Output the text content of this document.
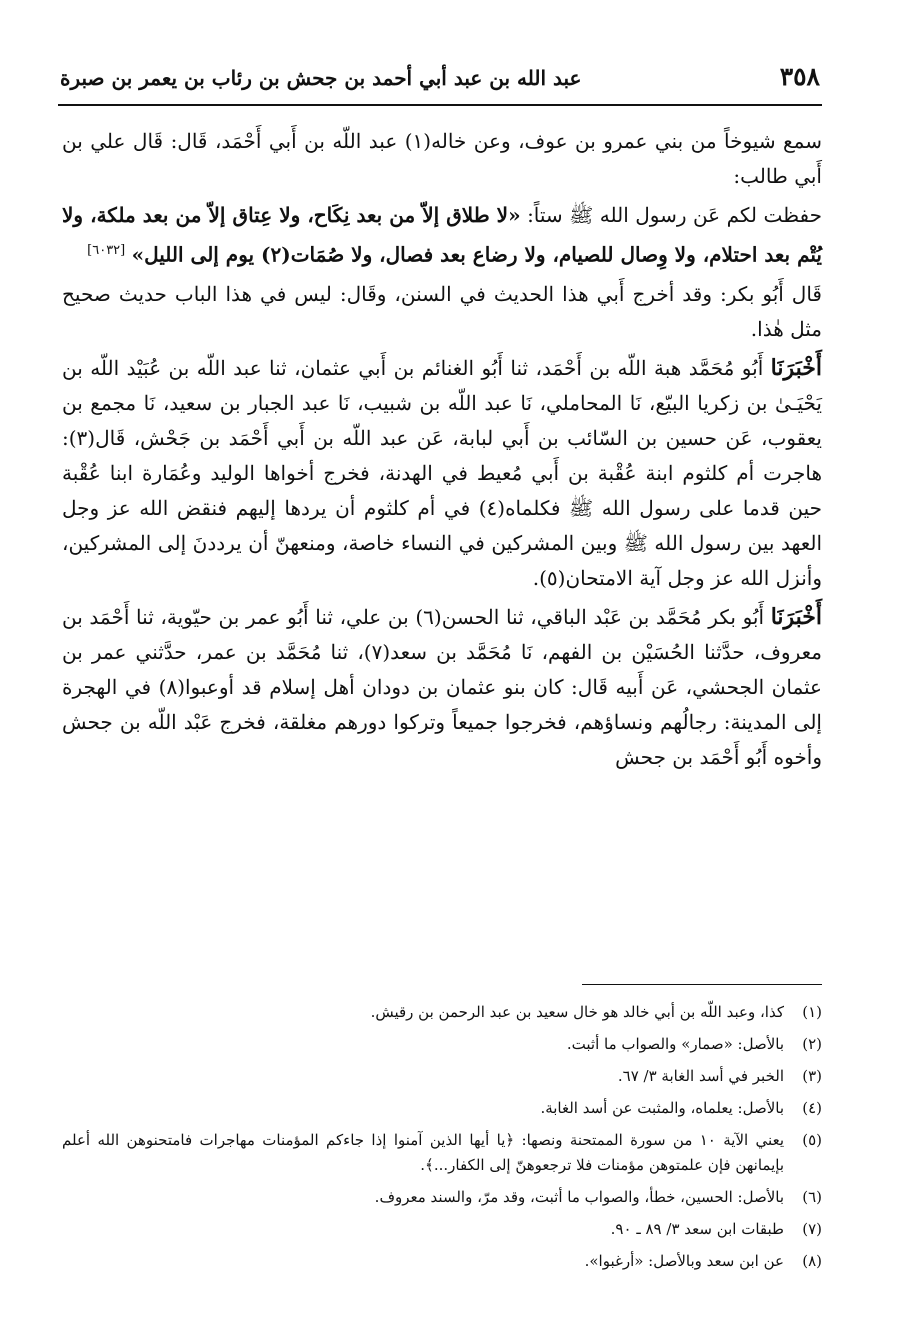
٣٥٨
عبد الله بن عبد أبي أحمد بن جحش بن رئاب بن يعمر بن صبرة

سمع شيوخاً من بني عمرو بن عوف، وعن خاله(١) عبد اللّه بن أَبي أَحْمَد، قَال: قَال علي بن أَبي طالب:

حفظت لكم عَن رسول الله ﷺ ستاً: «لا طلاق إلاّ من بعد نِكَاح، ولا عِتاق إلاّ من بعد ملكة، ولا يُتْم بعد احتلام، ولا وِصال للصيام، ولا رضاع بعد فصال، ولا صُمَات(٢) يوم إلى الليل» [٦٠٣٢]

قَال أَبُو بكر: وقد أخرج أَبي هذا الحديث في السنن، وقَال: ليس في هذا الباب حديث صحيح مثل هٰذا.

أَخْبَرَنَا أَبُو مُحَمَّد هبة اللّه بن أَحْمَد، ثنا أَبُو الغنائم بن أَبي عثمان، ثنا عبد اللّه بن عُبَيْد اللّه بن يَحْيَـىٰ بن زكريا البيّع، نَا المحاملي، نَا عبد اللّه بن شبيب، نَا عبد الجبار بن سعيد، نَا مجمع بن يعقوب، عَن حسين بن السّائب بن أَبي لبابة، عَن عبد اللّه بن أَبي أَحْمَد بن جَحْش، قَال(٣): هاجرت أم كلثوم ابنة عُقْبة بن أَبي مُعيط في الهدنة، فخرج أخواها الوليد وعُمَارة ابنا عُقْبة حين قدما على رسول الله ﷺ فكلماه(٤) في أم كلثوم أن يردها إليهم فنقض الله عز وجل العهد بين رسول الله ﷺ وبين المشركين في النساء خاصة، ومنعهنّ أن يرددنَ إلى المشركين، وأنزل الله عز وجل آية الامتحان(٥).

أَخْبَرَنَا أَبُو بكر مُحَمَّد بن عَبْد الباقي، ثنا الحسن(٦) بن علي، ثنا أَبُو عمر بن حيّوية، ثنا أَحْمَد بن معروف، حدَّثنا الحُسَيْن بن الفهم، نَا مُحَمَّد بن سعد(٧)، ثنا مُحَمَّد بن عمر، حدَّثني عمر بن عثمان الجحشي، عَن أَبيه قَال: كان بنو عثمان بن دودان أهل إسلام قد أوعبوا(٨) في الهجرة إلى المدينة: رجالُهم ونساؤهم، فخرجوا جميعاً وتركوا دورهم مغلقة، فخرج عَبْد اللّه بن جحش وأخوه أَبُو أَحْمَد بن جحش

(١)
كذا، وعبد اللّه بن أبي خالد هو خال سعيد بن عبد الرحمن بن رقيش.
(٢)
بالأصل: «صمار» والصواب ما أثبت.
(٣)
الخبر في أسد الغابة ٣/ ٦٧.
(٤)
بالأصل: يعلماه، والمثبت عن أسد الغابة.
(٥)
يعني الآية ١٠ من سورة الممتحنة ونصها: ﴿يا أيها الذين آمنوا إذا جاءكم المؤمنات مهاجرات فامتحنوهن الله أعلم بإيمانهن فإن علمتوهن مؤمنات فلا ترجعوهنّ إلى الكفار...﴾.
(٦)
بالأصل: الحسين، خطأ، والصواب ما أثبت، وقد مرّ، والسند معروف.
(٧)
طبقات ابن سعد ٣/ ٨٩ ـ ٩٠.
(٨)
عن ابن سعد وبالأصل: «أرغبوا».
